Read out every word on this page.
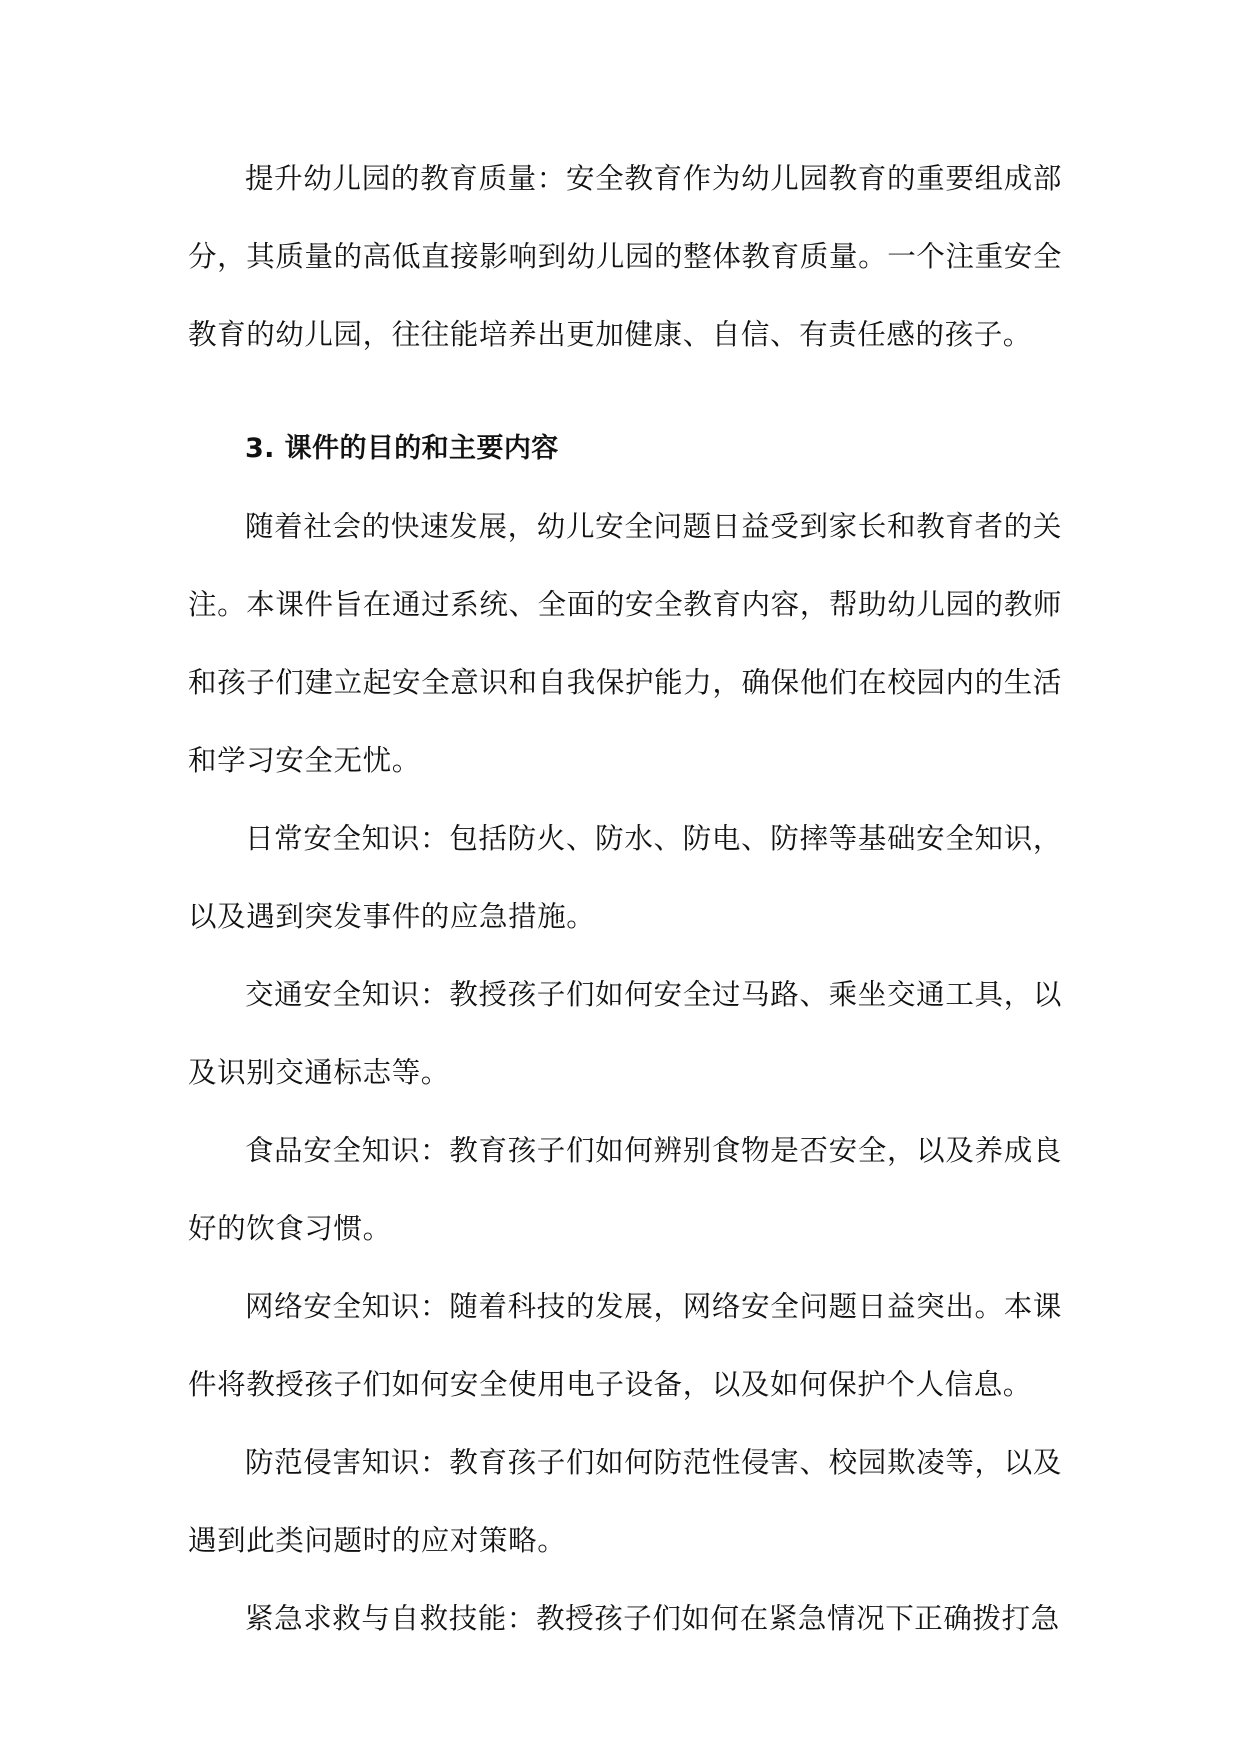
提升幼儿园的教育质量：安全教育作为幼儿园教育的重要组成部分，其质量的高低直接影响到幼儿园的整体教育质量。一个注重安全教育的幼儿园，往往能培养出更加健康、自信、有责任感的孩子。

3. 课件的目的和主要内容

随着社会的快速发展，幼儿安全问题日益受到家长和教育者的关注。本课件旨在通过系统、全面的安全教育内容，帮助幼儿园的教师和孩子们建立起安全意识和自我保护能力，确保他们在校园内的生活和学习安全无忧。

日常安全知识：包括防火、防水、防电、防摔等基础安全知识，以及遇到突发事件的应急措施。

交通安全知识：教授孩子们如何安全过马路、乘坐交通工具，以及识别交通标志等。

食品安全知识：教育孩子们如何辨别食物是否安全，以及养成良好的饮食习惯。

网络安全知识：随着科技的发展，网络安全问题日益突出。本课件将教授孩子们如何安全使用电子设备，以及如何保护个人信息。

防范侵害知识：教育孩子们如何防范性侵害、校园欺凌等，以及遇到此类问题时的应对策略。

紧急求救与自救技能：教授孩子们如何在紧急情况下正确拨打急
